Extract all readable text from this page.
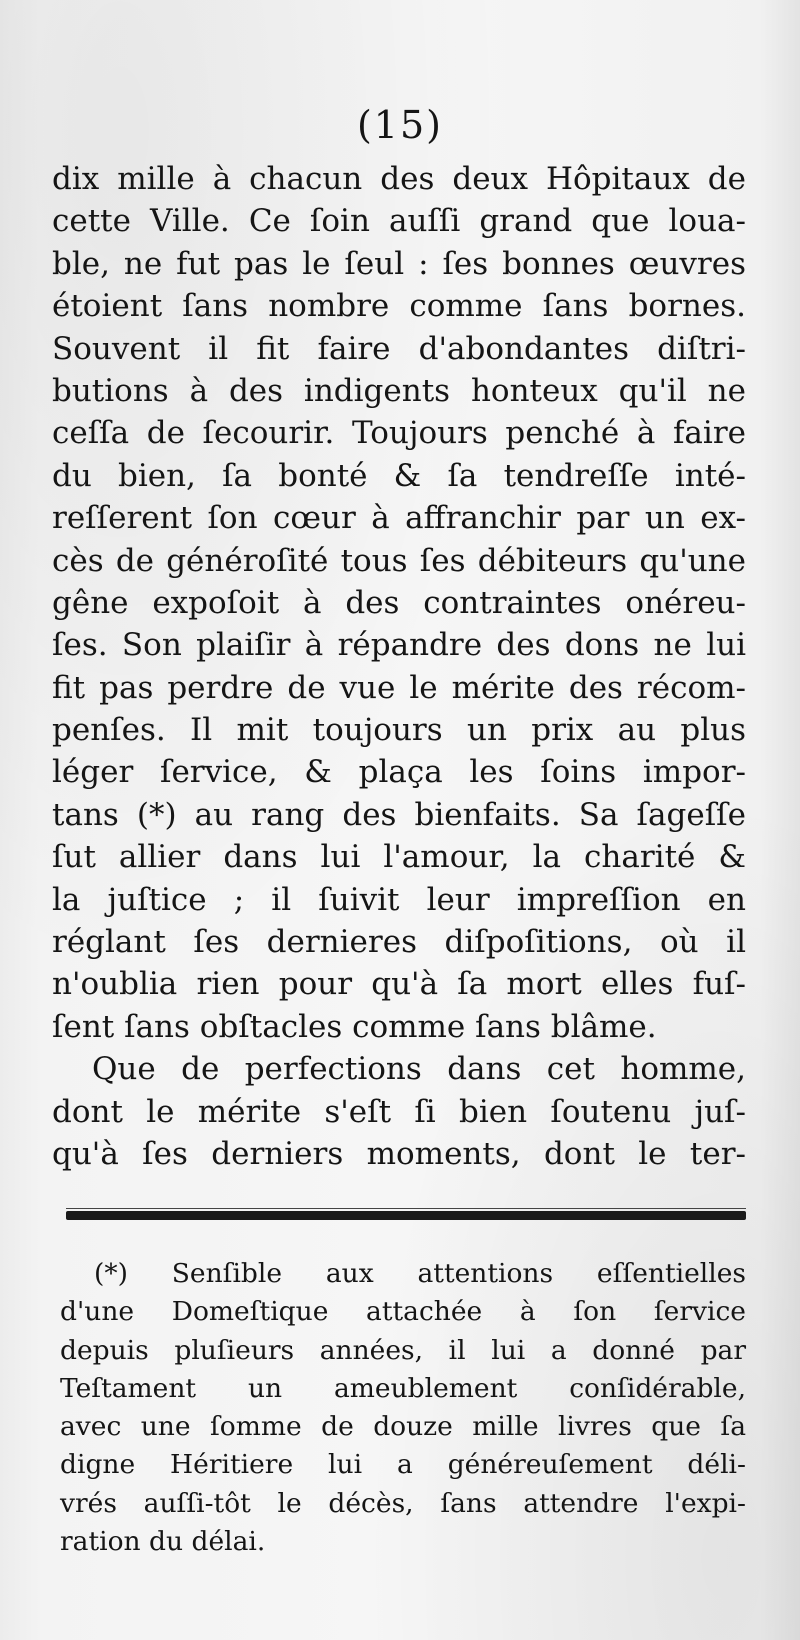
(15)
dix mille à chacun des deux Hôpitaux de
cette Ville. Ce ſoin auſſi grand que loua-
ble, ne fut pas le ſeul : ſes bonnes œuvres
étoient ſans nombre comme ſans bornes.
Souvent il fit faire d'abondantes diſtri-
butions à des indigents honteux qu'il ne
ceſſa de ſecourir. Toujours penché à faire
du bien, ſa bonté & ſa tendreſſe inté-
reſſerent ſon cœur à affranchir par un ex-
cès de généroſité tous ſes débiteurs qu'une
gêne expoſoit à des contraintes onéreu-
ſes. Son plaiſir à répandre des dons ne lui
fit pas perdre de vue le mérite des récom-
penſes. Il mit toujours un prix au plus
léger ſervice, & plaça les ſoins impor-
tans (*) au rang des bienfaits. Sa ſageſſe
ſut allier dans lui l'amour, la charité &
la juſtice ; il ſuivit leur impreſſion en
réglant ſes dernieres diſpoſitions, où il
n'oublia rien pour qu'à ſa mort elles fuſ-
ſent ſans obſtacles comme ſans blâme.
Que de perfections dans cet homme,
dont le mérite s'eſt ſi bien ſoutenu juſ-
qu'à ſes derniers moments, dont le ter-
(*) Senſible aux attentions eſſentielles
d'une Domeſtique attachée à ſon ſervice
depuis pluſieurs années, il lui a donné par
Teſtament un ameublement conſidérable,
avec une ſomme de douze mille livres que ſa
digne Héritiere lui a généreuſement déli-
vrés auſſi-tôt le décès, ſans attendre l'expi-
ration du délai.
